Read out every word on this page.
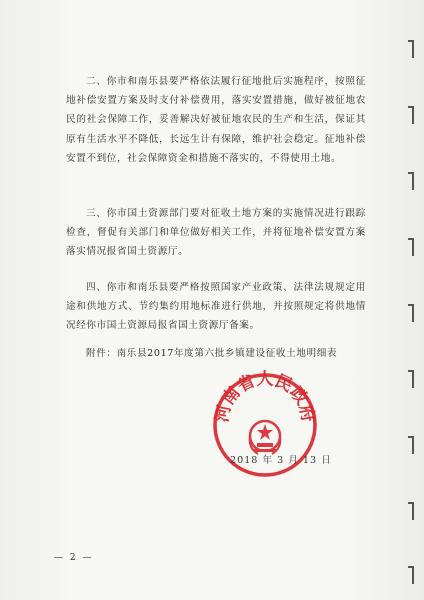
二、你市和南乐县要严格依法履行征地批后实施程序，按照征地补偿安置方案及时支付补偿费用，落实安置措施，做好被征地农民的社会保障工作，妥善解决好被征地农民的生产和生活，保证其原有生活水平不降低，长远生计有保障，维护社会稳定。征地补偿安置不到位，社会保障资金和措施不落实的，不得使用土地。

三、你市国土资源部门要对征收土地方案的实施情况进行跟踪检查，督促有关部门和单位做好相关工作，并将征地补偿安置方案落实情况报省国土资源厅。

四、你市和南乐县要严格按照国家产业政策、法律法规规定用途和供地方式、节约集约用地标准进行供地，并按照规定将供地情况经你市国土资源局报省国土资源厅备案。

附件：南乐县2017年度第六批乡镇建设征收土地明细表
河南省人民政府
2018 年 3 月 13 日
— 2 —
